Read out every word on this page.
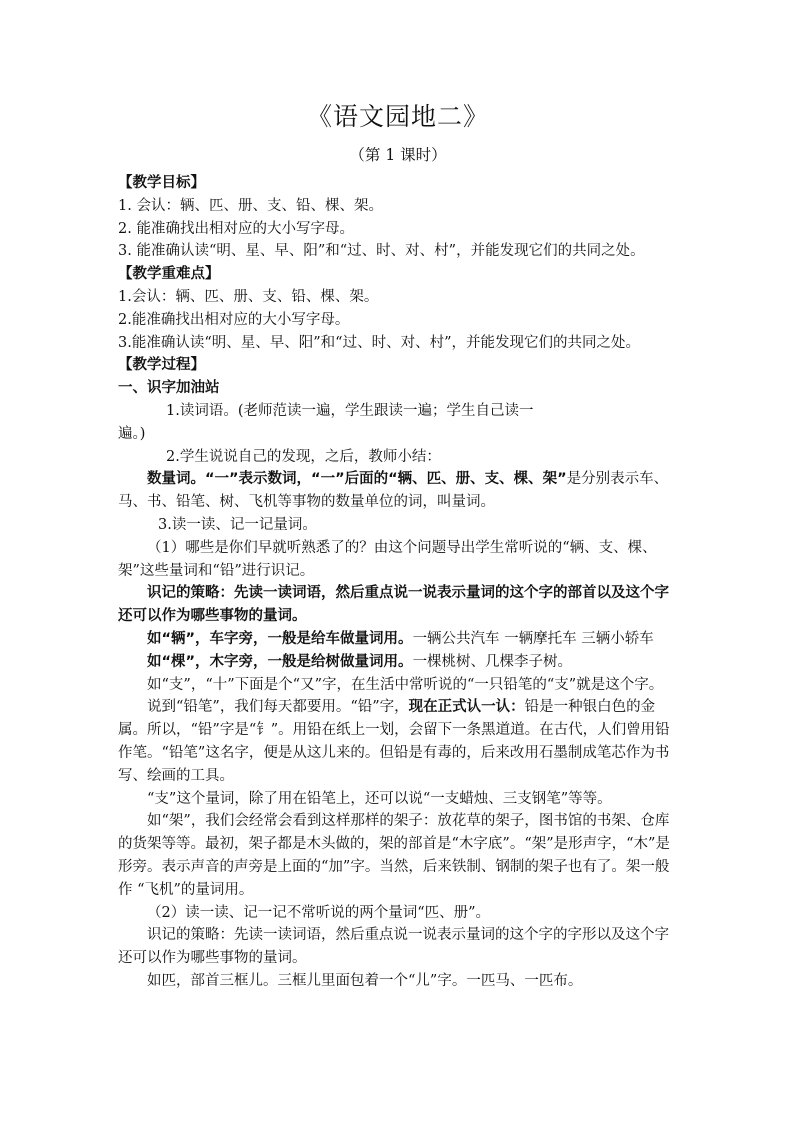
《语文园地二》

（第 1 课时）

【教学目标】

1. 会认：辆、匹、册、支、铅、棵、架。

2. 能准确找出相对应的大小写字母。

3. 能准确认读“明、星、早、阳”和“过、时、对、村”，并能发现它们的共同之处。

【教学重难点】

1.会认：辆、匹、册、支、铅、棵、架。

2.能准确找出相对应的大小写字母。

3.能准确认读“明、星、早、阳”和“过、时、对、村”，并能发现它们的共同之处。

【教学过程】

一、识字加油站

1.读词语。(老师范读一遍，学生跟读一遍；学生自己读一

遍。)

2.学生说说自己的发现，之后，教师小结：

数量词。“一”表示数词，“一”后面的“辆、匹、册、支、棵、架”是分别表示车、马、书、铅笔、树、飞机等事物的数量单位的词，叫量词。

3.读一读、记一记量词。

（1）哪些是你们早就听熟悉了的？由这个问题导出学生常听说的“辆、支、棵、架”这些量词和“铅”进行识记。

识记的策略：先读一读词语，然后重点说一说表示量词的这个字的部首以及这个字还可以作为哪些事物的量词。

如“辆”，车字旁，一般是给车做量词用。一辆公共汽车 一辆摩托车 三辆小轿车

如“棵”，木字旁，一般是给树做量词用。一棵桃树、几棵李子树。

如“支”，“十”下面是个“又”字，在生活中常听说的“一只铅笔的“支”就是这个字。

说到“铅笔”，我们每天都要用。“铅”字，现在正式认一认：铅是一种银白色的金属。所以，“铅”字是“钅”。用铅在纸上一划，会留下一条黑道道。在古代，人们曾用铅作笔。“铅笔”这名字，便是从这儿来的。但铅是有毒的，后来改用石墨制成笔芯作为书写、绘画的工具。

“支”这个量词，除了用在铅笔上，还可以说“一支蜡烛、三支钢笔”等等。

如“架”，我们会经常会看到这样那样的架子：放花草的架子，图书馆的书架、仓库的货架等等。最初，架子都是木头做的，架的部首是“木字底”。“架”是形声字，“木”是形旁。表示声音的声旁是上面的“加”字。当然，后来铁制、钢制的架子也有了。架一般作 “飞机”的量词用。

（2）读一读、记一记不常听说的两个量词“匹、册”。

识记的策略：先读一读词语，然后重点说一说表示量词的这个字的字形以及这个字还可以作为哪些事物的量词。

如匹，部首三框儿。三框儿里面包着一个“儿”字。一匹马、一匹布。
